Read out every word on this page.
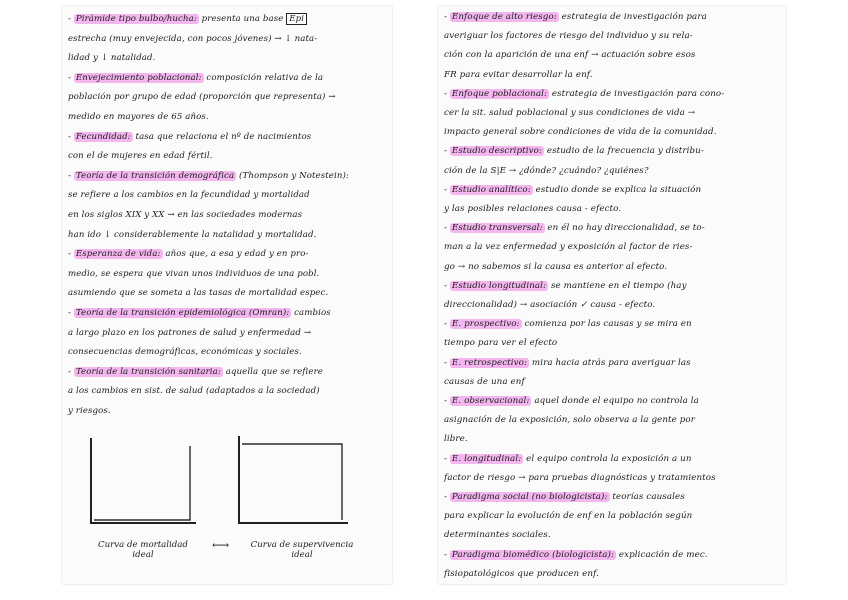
- Pirámide tipo bulbo/hucha: presenta una base Epi
estrecha (muy envejecida, con pocos jóvenes) → ↓ nata-
lidad y ↓ natalidad.
- Envejecimiento poblacional: composición relativa de la
población por grupo de edad (proporción que representa) →
medido en mayores de 65 años.
- Fecundidad: tasa que relaciona el nº de nacimientos
con el de mujeres en edad fértil.
- Teoría de la transición demográfica (Thompson y Notestein):
se refiere a los cambios en la fecundidad y mortalidad
en los siglos XIX y XX → en las sociedades modernas
han ido ↓ considerablemente la natalidad y mortalidad.
- Esperanza de vida: años que, a esa y edad y en pro-
medio, se espera que vivan unos individuos de una pobl.
asumiendo que se someta a las tasas de mortalidad espec.
- Teoría de la transición epidemiológica (Omran): cambios
a largo plazo en los patrones de salud y enfermedad →
consecuencias demográficas, económicas y sociales.
- Teoría de la transición sanitaria: aquella que se refiere
a los cambios en sist. de salud (adaptados a la sociedad)
y riesgos.
Curva de mortalidad
ideal
⟷	Curva de supervivencia
ideal
- Enfoque de alto riesgo: estrategia de investigación para
averiguar los factores de riesgo del individuo y su rela-
ción con la aparición de una enf → actuación sobre esos
FR para evitar desarrollar la enf.
- Enfoque poblacional: estrategia de investigación para cono-
cer la sit. salud poblacional y sus condiciones de vida →
impacto general sobre condiciones de vida de la comunidad.
- Estudio descriptivo: estudio de la frecuencia y distribu-
ción de la S|E → ¿dónde? ¿cuándo? ¿quiénes?
- Estudio analítico: estudio donde se explica la situación
y las posibles relaciones causa - efecto.
- Estudio transversal: en él no hay direccionalidad, se to-
man a la vez enfermedad y exposición al factor de ries-
go → no sabemos si la causa es anterior al efecto.
- Estudio longitudinal: se mantiene en el tiempo (hay
direccionalidad) → asociación ✓ causa - efecto.
- E. prospectivo: comienza por las causas y se mira en
tiempo para ver el efecto
- E. retrospectivo: mira hacia atrás para averiguar las
causas de una enf
- E. observacional: aquel donde el equipo no controla la
asignación de la exposición, solo observa a la gente por
libre.
- E. longitudinal: el equipo controla la exposición a un
factor de riesgo → para pruebas diagnósticas y tratamientos
- Paradigma social (no biologicista): teorías causales
para explicar la evolución de enf en la población según
determinantes sociales.
- Paradigma biomédico (biologicista): explicación de mec.
fisiopatológicos que producen enf.
